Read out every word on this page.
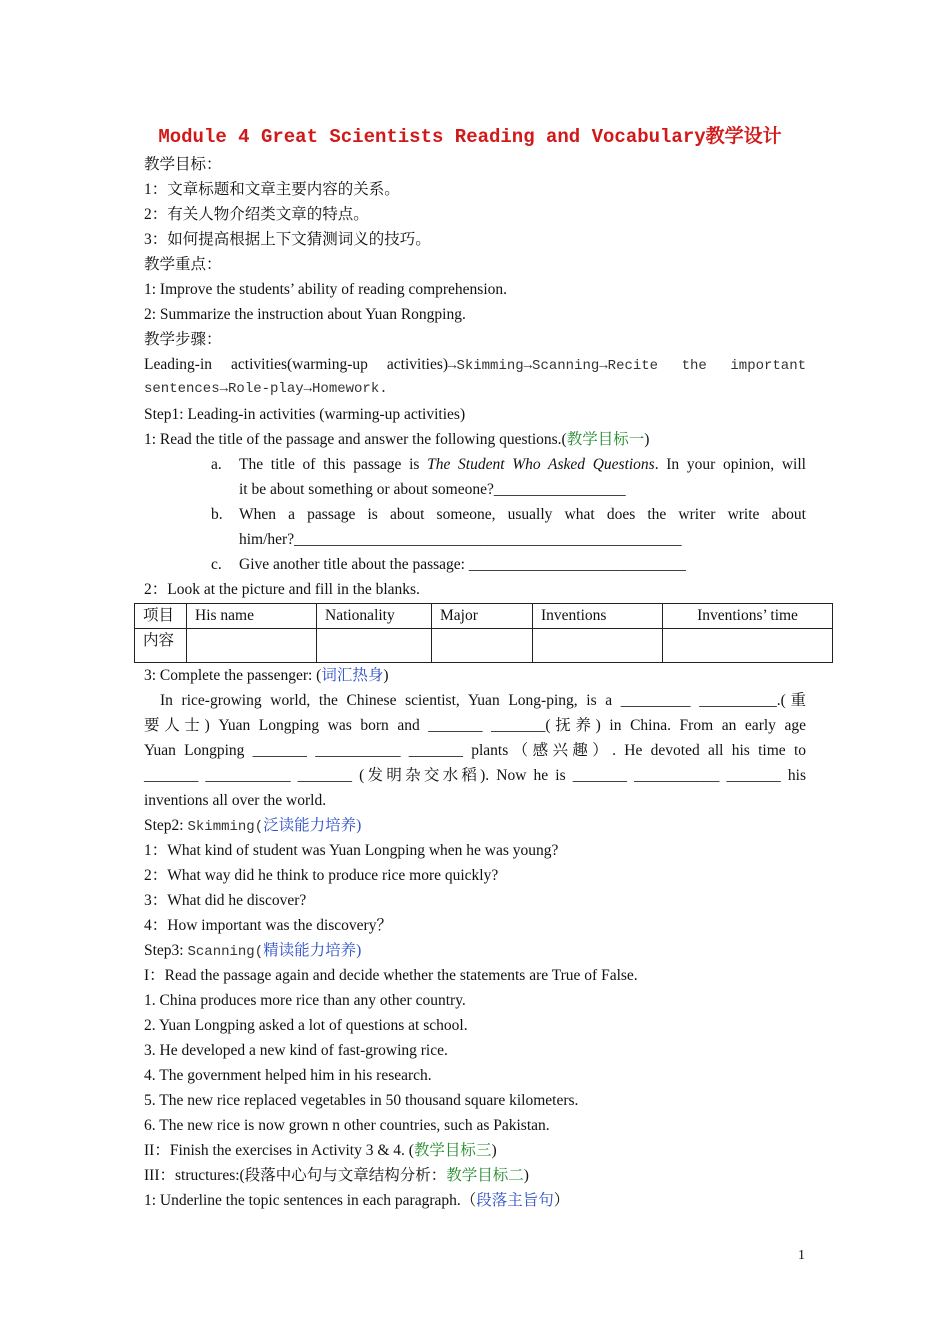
Module 4 Great Scientists Reading and Vocabulary教学设计
教学目标：
1：文章标题和文章主要内容的关系。
2：有关人物介绍类文章的特点。
3：如何提高根据上下文猜测词义的技巧。
教学重点：
1: Improve the students’ ability of reading comprehension.
2: Summarize the instruction about Yuan Rongping.
教学步骤：
Leading-in activities(warming-up activities)→Skimming→Scanning→Recite the important
sentences→Role-play→Homework.
Step1: Leading-in activities (warming-up activities)
1: Read the title of the passage and answer the following questions.(教学目标一)
a. The title of this passage is The Student Who Asked Questions. In your opinion, will
it be about something or about someone?_________________
b. When a passage is about someone, usually what does the writer write about
him/her?__________________________________________________
c. Give another title about the passage: ____________________________
2：Look at the picture and fill in the blanks.
项目	His name	Nationality	Major	Inventions	Inventions’ time
内容					
3: Complete the passenger: (词汇热身)
In rice-growing world, the Chinese scientist, Yuan Long-ping, is a _________ __________.(重
要人士) Yuan Longping was born and _______ _______(抚养) in China. From an early age
Yuan Longping _______ ___________ _______ plants（感兴趣）. He devoted all his time to
_______ ___________ _______ (发明杂交水稻). Now he is _______ ___________ _______ his
inventions all over the world.
Step2: Skimming(泛读能力培养)
1：What kind of student was Yuan Longping when he was young?
2：What way did he think to produce rice more quickly?
3：What did he discover?
4：How important was the discovery？
Step3: Scanning(精读能力培养)
I：Read the passage again and decide whether the statements are True of False.
1. China produces more rice than any other country.
2. Yuan Longping asked a lot of questions at school.
3. He developed a new kind of fast-growing rice.
4. The government helped him in his research.
5. The new rice replaced vegetables in 50 thousand square kilometers.
6. The new rice is now grown n other countries, such as Pakistan.
II：Finish the exercises in Activity 3 & 4. (教学目标三)
III：structures:(段落中心句与文章结构分析：教学目标二)
1: Underline the topic sentences in each paragraph.（段落主旨句）
1
